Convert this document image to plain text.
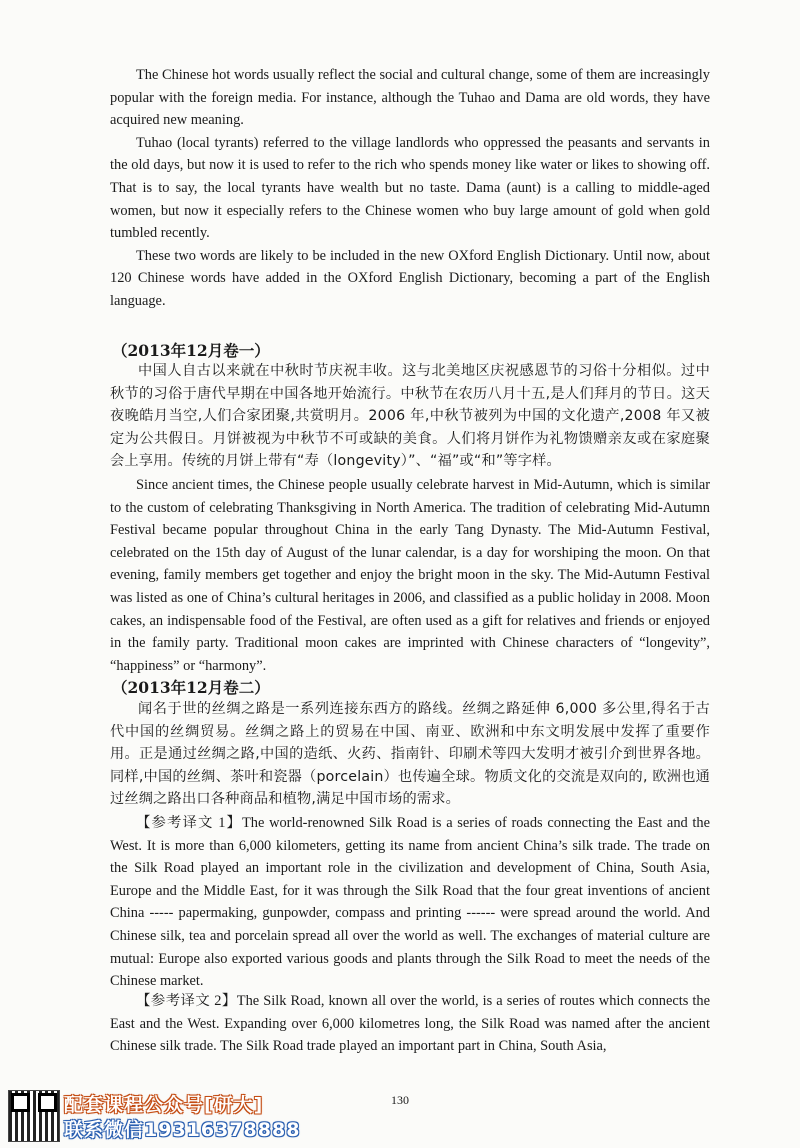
The Chinese hot words usually reflect the social and cultural change, some of them are increasingly popular with the foreign media. For instance, although the Tuhao and Dama are old words, they have acquired new meaning.

Tuhao (local tyrants) referred to the village landlords who oppressed the peasants and servants in the old days, but now it is used to refer to the rich who spends money like water or likes to showing off. That is to say, the local tyrants have wealth but no taste. Dama (aunt) is a calling to middle-aged women, but now it especially refers to the Chinese women who buy large amount of gold when gold tumbled recently.

These two words are likely to be included in the new OXford English Dictionary. Until now, about 120 Chinese words have added in the OXford English Dictionary, becoming a part of the English language.

（2013年12月卷一）

中国人自古以来就在中秋时节庆祝丰收。这与北美地区庆祝感恩节的习俗十分相似。过中秋节的习俗于唐代早期在中国各地开始流行。中秋节在农历八月十五,是人们拜月的节日。这天夜晚皓月当空,人们合家团聚,共赏明月。2006 年,中秋节被列为中国的文化遗产,2008 年又被定为公共假日。月饼被视为中秋节不可或缺的美食。人们将月饼作为礼物馈赠亲友或在家庭聚会上享用。传统的月饼上带有“寿（longevity）”、“福”或“和”等字样。

Since ancient times, the Chinese people usually celebrate harvest in Mid-Autumn, which is similar to the custom of celebrating Thanksgiving in North America. The tradition of celebrating Mid-Autumn Festival became popular throughout China in the early Tang Dynasty. The Mid-Autumn Festival, celebrated on the 15th day of August of the lunar calendar, is a day for worshiping the moon. On that evening, family members get together and enjoy the bright moon in the sky. The Mid-Autumn Festival was listed as one of China’s cultural heritages in 2006, and classified as a public holiday in 2008. Moon cakes, an indispensable food of the Festival, are often used as a gift for relatives and friends or enjoyed in the family party. Traditional moon cakes are imprinted with Chinese characters of “longevity”, “happiness” or “harmony”.

（2013年12月卷二）

闻名于世的丝绸之路是一系列连接东西方的路线。丝绸之路延伸 6,000 多公里,得名于古代中国的丝绸贸易。丝绸之路上的贸易在中国、南亚、欧洲和中东文明发展中发挥了重要作用。正是通过丝绸之路,中国的造纸、火药、指南针、印刷术等四大发明才被引介到世界各地。同样,中国的丝绸、茶叶和瓷器（porcelain）也传遍全球。物质文化的交流是双向的, 欧洲也通过丝绸之路出口各种商品和植物,满足中国市场的需求。

【参考译文 1】The world-renowned Silk Road is a series of roads connecting the East and the West. It is more than 6,000 kilometers, getting its name from ancient China’s silk trade. The trade on the Silk Road played an important role in the civilization and development of China, South Asia, Europe and the Middle East, for it was through the Silk Road that the four great inventions of ancient China ----- papermaking, gunpowder, compass and printing ------ were spread around the world. And Chinese silk, tea and porcelain spread all over the world as well. The exchanges of material culture are mutual: Europe also exported various goods and plants through the Silk Road to meet the needs of the Chinese market.

【参考译文 2】The Silk Road, known all over the world, is a series of routes which connects the East and the West. Expanding over 6,000 kilometres long, the Silk Road was named after the ancient Chinese silk trade. The Silk Road trade played an important part in China, South Asia,

130
配套课程公众号[研大]
联系微信19316378888
